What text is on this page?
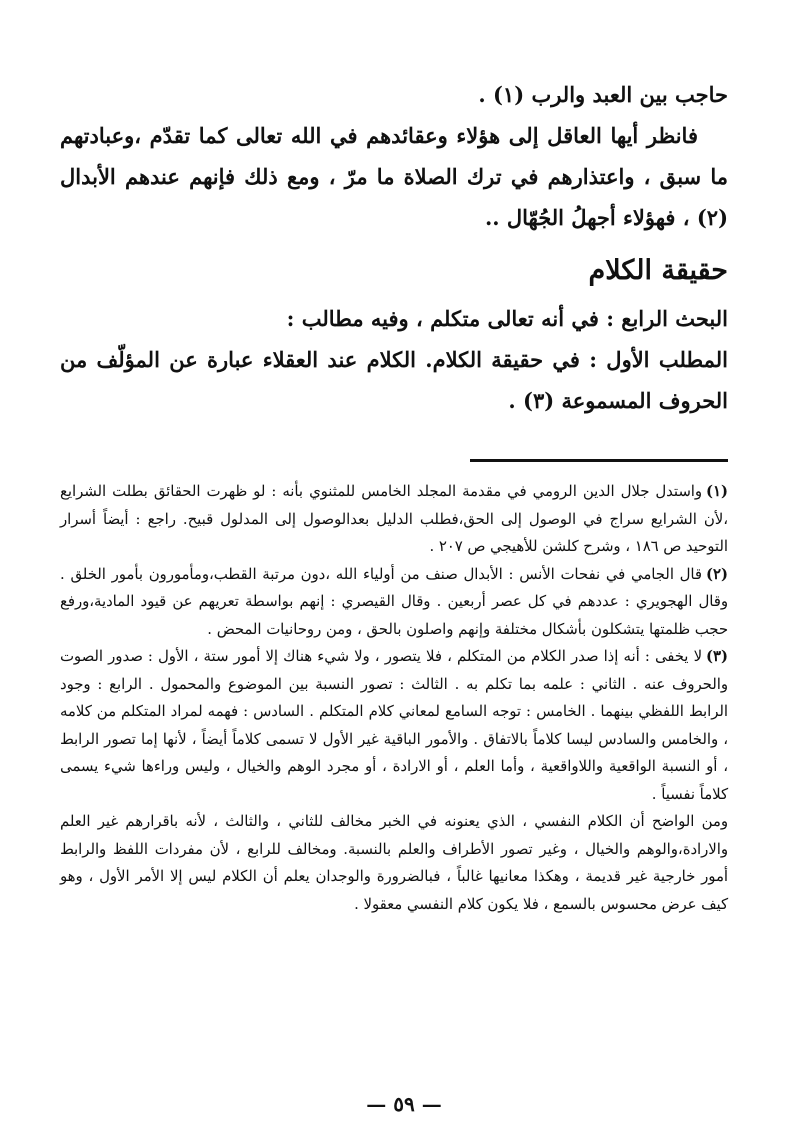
حاجب بين العبد والرب (١) .

فانظر أيها العاقل إلى هؤلاء وعقائدهم في الله تعالى كما تقدّم ،وعبادتهم ما سبق ، واعتذارهم في ترك الصلاة ما مرّ ، ومع ذلك فإنهم عندهم الأبدال (٢) ، فهؤلاء أجهلُ الجُهّال ..

حقيقة الكلام

البحث الرابع : في أنه تعالى متكلم ، وفيه مطالب :

المطلب الأول : في حقيقة الكلام. الكلام عند العقلاء عبارة عن المؤلّف من الحروف المسموعة (٣) .

(١)واستدل جلال الدين الرومي في مقدمة المجلد الخامس للمثنوي بأنه : لو ظهرت الحقائق بطلت الشرايع ،لأن الشرايع سراج في الوصول إلى الحق،فطلب الدليل بعدالوصول إلى المدلول قبيح. راجع : أيضاً أسرار التوحيد ص ١٨٦ ، وشرح كلشن للأهيجي ص ٢٠٧ .

(٢)قال الجامي في نفحات الأنس : الأبدال صنف من أولياء الله ،دون مرتبة القطب،ومأمورون بأمور الخلق . وقال الهجويري : عددهم في كل عصر أربعين . وقال القيصري : إنهم بواسطة تعريهم عن قيود المادية،ورفع حجب ظلمتها يتشكلون بأشكال مختلفة وإنهم واصلون بالحق ، ومن روحانيات المحض .

(٣)لا يخفى : أنه إذا صدر الكلام من المتكلم ، فلا يتصور ، ولا شيء هناك إلا أمور ستة ، الأول : صدور الصوت والحروف عنه . الثاني : علمه بما تكلم به . الثالث : تصور النسبة بين الموضوع والمحمول . الرابع : وجود الرابط اللفظي بينهما . الخامس : توجه السامع لمعاني كلام المتكلم . السادس : فهمه لمراد المتكلم من كلامه ، والخامس والسادس ليسا كلاماً بالاتفاق . والأمور الباقية غير الأول لا تسمى كلاماً أيضاً ، لأنها إما تصور الرابط ، أو النسبة الواقعية واللاواقعية ، وأما العلم ، أو الارادة ، أو مجرد الوهم والخيال ، وليس وراءها شيء يسمى كلاماً نفسياً .

ومن الواضح أن الكلام النفسي ، الذي يعنونه في الخبر مخالف للثاني ، والثالث ، لأنه باقرارهم غير العلم والارادة،والوهم والخيال ، وغير تصور الأطراف والعلم بالنسبة. ومخالف للرابع ، لأن مفردات اللفظ والرابط أمور خارجية غير قديمة ، وهكذا معانيها غالباً ، فبالضرورة والوجدان يعلم أن الكلام ليس إلا الأمر الأول ، وهو كيف عرض محسوس بالسمع ، فلا يكون كلام النفسي معقولا .

— ٥٩ —
